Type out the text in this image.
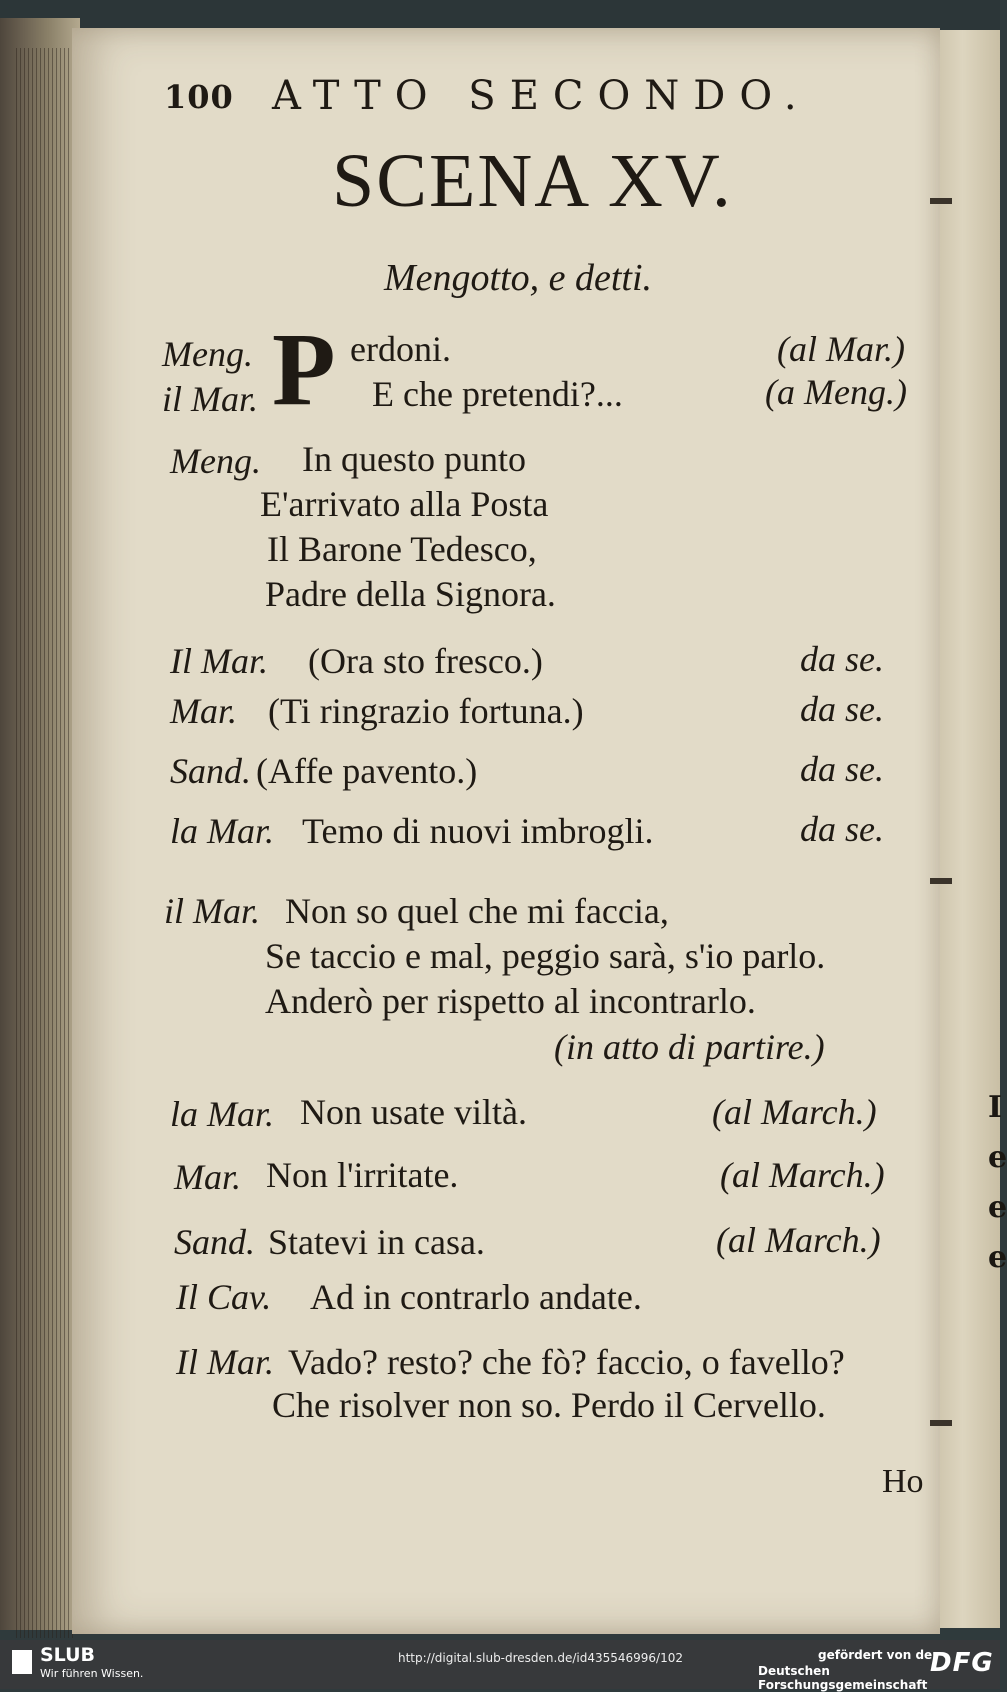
I
e
e
e
100 ATTO SECONDO.
SCENA XV.
Mengotto, e detti.
P
Meng.	erdoni.	(al Mar.)
il Mar.	E che pretendi?...	(a Meng.)
Meng. In questo punto
E'arrivato alla Posta
Il Barone Tedesco,
Padre della Signora.
Il Mar. (Ora sto fresco.)	da se.
Mar. (Ti ringrazio fortuna.)	da se.
Sand. (Affe pavento.)	da se.
la Mar. Temo di nuovi imbrogli.	da se.
il Mar. Non so quel che mi faccia,
Se taccio e mal, peggio sarà, s'io parlo.
Anderò per rispetto al incontrarlo.
(in atto di partire.)
la Mar. Non usate viltà.	(al March.)
Mar. Non l'irritate.	(al March.)
Sand. Statevi in casa.	(al March.)
Il Cav. Ad in contrarlo andate.
Il Mar. Vado? resto? che fò? faccio, o favello?
Che risolver non so. Perdo il Cervello.
Ho
SLUB
Wir führen Wissen.
http://digital.slub-dresden.de/id435546996/102	gefördert von der
Deutschen Forschungsgemeinschaft
DFG
